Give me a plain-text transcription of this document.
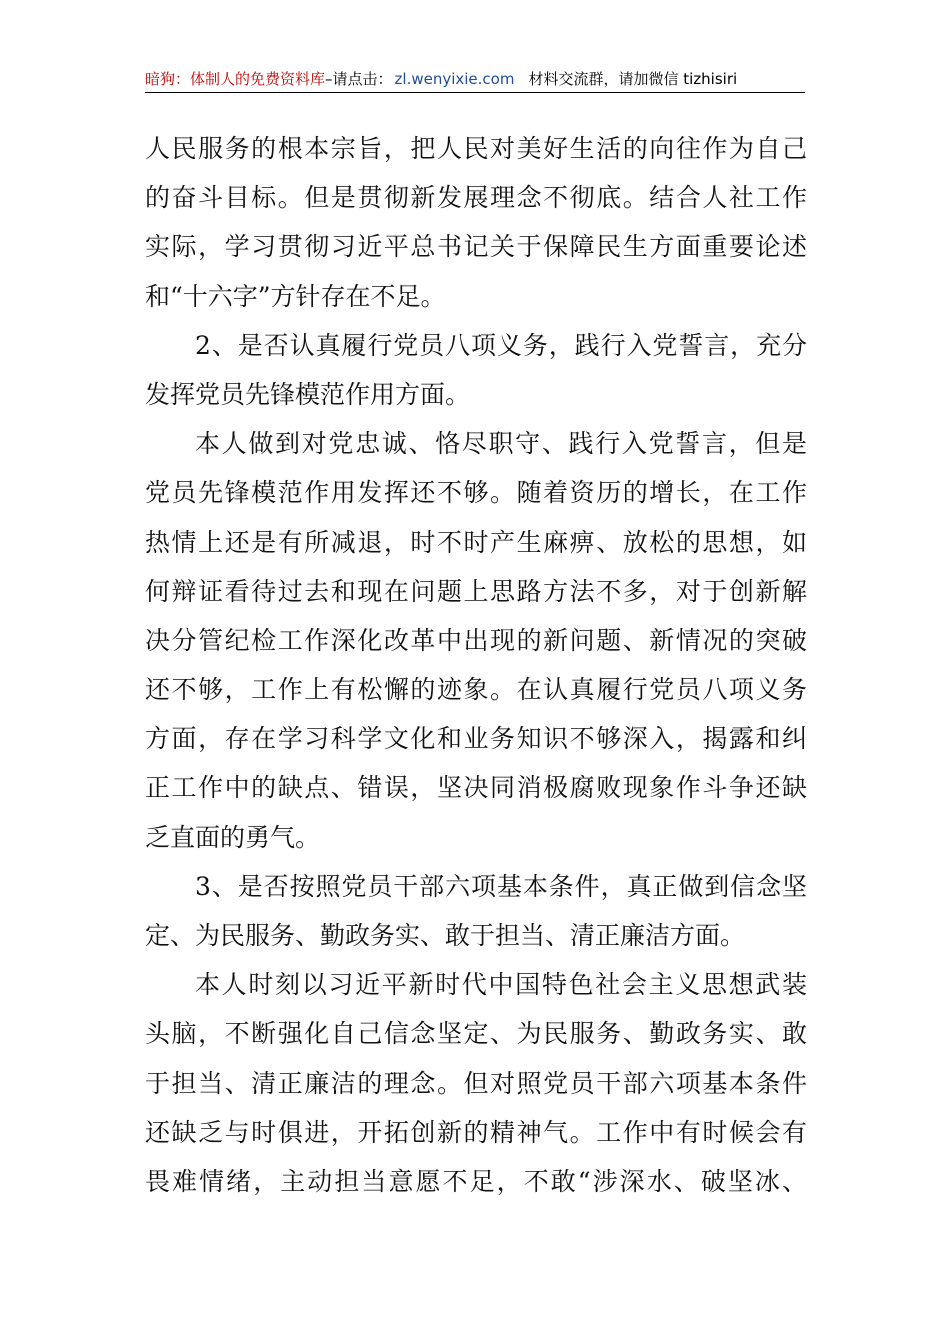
暗狗：体制人的免费资料库–请点击： zl.wenyixie.com 材料交流群，请加微信 tizhisiri
人民服务的根本宗旨，把人民对美好生活的向往作为自己
的奋斗目标。但是贯彻新发展理念不彻底。结合人社工作
实际，学习贯彻习近平总书记关于保障民生方面重要论述
和“十六字”方针存在不足。
2、是否认真履行党员八项义务，践行入党誓言，充分
发挥党员先锋模范作用方面。
本人做到对党忠诚、恪尽职守、践行入党誓言，但是
党员先锋模范作用发挥还不够。随着资历的增长，在工作
热情上还是有所减退，时不时产生麻痹、放松的思想，如
何辩证看待过去和现在问题上思路方法不多，对于创新解
决分管纪检工作深化改革中出现的新问题、新情况的突破
还不够，工作上有松懈的迹象。在认真履行党员八项义务
方面，存在学习科学文化和业务知识不够深入，揭露和纠
正工作中的缺点、错误，坚决同消极腐败现象作斗争还缺
乏直面的勇气。
3、是否按照党员干部六项基本条件，真正做到信念坚
定、为民服务、勤政务实、敢于担当、清正廉洁方面。
本人时刻以习近平新时代中国特色社会主义思想武装
头脑，不断强化自己信念坚定、为民服务、勤政务实、敢
于担当、清正廉洁的理念。但对照党员干部六项基本条件
还缺乏与时俱进，开拓创新的精神气。工作中有时候会有
畏难情绪，主动担当意愿不足，不敢“涉深水、破坚冰、
